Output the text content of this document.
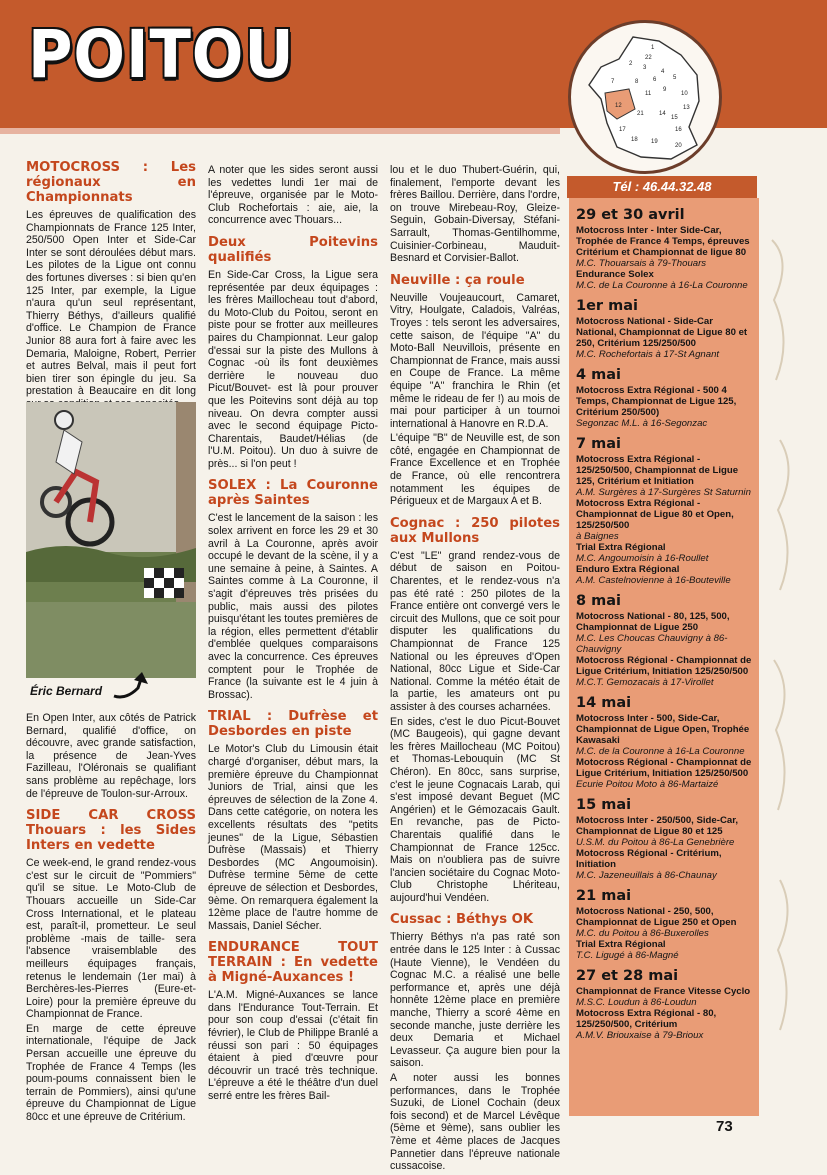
POITOU	1
2
3
4
5
6
7	8
9
10
11
12	13
14
15
16
17
18 19
20
21
22
Tél : 46.44.32.48
MOTOCROSS : Les régionaux en Championnats

Les épreuves de qualification des Championnats de France 125 Inter, 250/500 Open Inter et Side-Car Inter se sont déroulées début mars. Les pilotes de la Ligue ont connu des fortunes diverses : si bien qu'en 125 Inter, par exemple, la Ligue n'aura qu'un seul représentant, Thierry Béthys, d'ailleurs qualifié d'office. Le Champion de France Junior 88 aura fort à faire avec les Demaria, Maloigne, Robert, Perrier et autres Belval, mais il peut fort bien tirer son épingle du jeu. Sa prestation à Beaucaire en dit long

Éric Bernard

En Open Inter, aux côtés de Patrick Bernard, qualifié d'office, on découvre, avec grande satisfaction, la présence de Jean-Yves Fazilleau, l'Oléronais se qualifiant sans problème au repêchage, lors de l'épreuve de Toulon-sur-Arroux.

SIDE CAR CROSS Thouars : les Sides Inters en vedette

Ce week-end, le grand rendez-vous c'est sur le circuit de "Pommiers" qu'il se situe. Le Moto-Club de Thouars accueille un Side-Car Cross International, et le plateau est, paraît-il, prometteur. Le seul problème -mais de taille- sera l'absence vraisemblable des meilleurs équipages français, retenus le lendemain (1er mai) à Berchères-les-Pierres (Eure-et-Loire) pour la première épreuve du Championnat de France.

En marge de cette épreuve internationale, l'équipe de Jack Persan accueille une épreuve du Trophée de France 4 Temps (les poum-poums connaissent bien le terrain de Pommiers), ainsi qu'une épreuve du Championnat de Ligue 80cc et une épreuve de Critérium.

A noter que les sides seront aussi les vedettes lundi 1er mai de l'épreuve, organisée par le Moto-Club Rochefortais : aie, aie, la concurrence avec Thouars...

Deux Poitevins qualifiés

En Side-Car Cross, la Ligue sera représentée par deux équipages : les frères Maillocheau tout d'abord, du Moto-Club du Poitou, seront en piste pour se frotter aux meilleures paires du Championnat. Leur galop d'essai sur la piste des Mullons à Cognac -où ils font deuxièmes derrière le nouveau duo Picut/Bouvet- est là pour prouver que les Poitevins sont déjà au top niveau. On devra compter aussi avec le second équipage Picto-Charentais, Baudet/Hélias (de l'U.M. Poitou). Un duo à suivre de près... si l'on peut !

SOLEX : La Couronne après Saintes

C'est le lancement de la saison : les solex arrivent en force les 29 et 30 avril à La Couronne, après avoir occupé le devant de la scène, il y a une semaine à peine, à Saintes. A Saintes comme à La Couronne, il s'agit d'épreuves très prisées du public, mais aussi des pilotes puisqu'étant les toutes premières de la région, elles permettent d'établir d'emblée quelques comparaisons avec la concurrence. Ces épreuves comptent pour le Trophée de France (la suivante est le 4 juin à Brossac).

TRIAL : Dufrèse et Desbordes en piste

Le Motor's Club du Limousin était chargé d'organiser, début mars, la première épreuve du Championnat Juniors de Trial, ainsi que les épreuves de sélection de la Zone 4. Dans cette catégorie, on notera les excellents résultats des "petits jeunes" de la Ligue, Sébastien Dufrèse (Massais) et Thierry Desbordes (MC Angoumoisin). Dufrèse termine 5ème de cette épreuve de sélection et Desbordes, 9ème. On remarquera également la 12ème place de l'autre homme de Massais, Daniel Sécher.

ENDURANCE TOUT TERRAIN : En vedette à Migné-Auxances !

L'A.M. Migné-Auxances se lance dans l'Endurance Tout-Terrain. Et pour son coup d'essai (c'était fin février), le Club de Philippe Branlé a réussi son pari : 50 équipages étaient à pied d'œuvre pour découvrir un tracé très technique. L'épreuve a été le théâtre d'un duel serré entre les frères Bail-

lou et le duo Thubert-Guérin, qui, finalement, l'emporte devant les frères Baillou. Derrière, dans l'ordre, on trouve Mirebeau-Roy, Gleize-Seguin, Gobain-Diversay, Stéfani-Sarrault, Thomas-Gentilhomme, Cuisinier-Corbineau, Mauduit-Besnard et Corvisier-Ballot.

Neuville : ça roule

Neuville Voujeaucourt, Camaret, Vitry, Houlgate, Caladois, Valréas, Troyes : tels seront les adversaires, cette saison, de l'équipe "A" du Moto-Ball Neuvillois, présente en Championnat de France, mais aussi en Coupe de France. La même équipe "A" franchira le Rhin (et même le rideau de fer !) au mois de mai pour participer à un tournoi international à Hanovre en R.D.A.

L'équipe "B" de Neuville est, de son côté, engagée en Championnat de France Excellence et en Trophée de France, où elle rencontrera notamment les équipes de Périgueux et de Margaux A et B.

Cognac : 250 pilotes aux Mullons

C'est "LE" grand rendez-vous de début de saison en Poitou-Charentes, et le rendez-vous n'a pas été raté : 250 pilotes de la France entière ont convergé vers le circuit des Mullons, que ce soit pour disputer les qualifications du Championnat de France 125 National ou les épreuves d'Open National, 80cc Ligue et Side-Car National. Comme la météo était de la partie, les amateurs ont pu assister à des courses acharnées.

En sides, c'est le duo Picut-Bouvet (MC Baugeois), qui gagne devant les frères Maillocheau (MC Poitou) et Thomas-Lebouquin (MC St Chéron). En 80cc, sans surprise, c'est le jeune Cognacais Larab, qui s'est imposé devant Beguet (MC Angérien) et le Gémozacais Gault. En revanche, pas de Picto-Charentais qualifié dans le Championnat de France 125cc. Mais on n'oubliera pas de suivre l'ancien sociétaire du Cognac Moto-Club Christophe Lhériteau, aujourd'hui Vendéen.

Cussac : Béthys OK

Thierry Béthys n'a pas raté son entrée dans le 125 Inter : à Cussac (Haute Vienne), le Vendéen du Cognac M.C. a réalisé une belle performance et, après une déjà honnête 12ème place en première manche, Thierry a scoré 4ème en seconde manche, juste derrière les deux Demaria et Michael Levasseur. Ça augure bien pour la saison.

A noter aussi les bonnes performances, dans le Trophée Suzuki, de Lionel Cochain (deux fois second) et de Marcel Lévêque (5ème et 9ème), sans oublier les 7ème et 4ème places de Jacques Pannetier dans l'épreuve nationale cussacoise.

29 et 30 avril
Motocross Inter - Inter Side-Car, Trophée de France 4 Temps, épreuves Critérium et Championnat de ligue 80
M.C. Thouarsais à 79-Thouars
Endurance Solex
M.C. de La Couronne à 16-La Couronne
1er mai
Motocross National - Side-Car National, Championnat de Ligue 80 et 250, Critérium 125/250/500
M.C. Rochefortais à 17-St Agnant
4 mai
Motocross Extra Régional - 500 4 Temps, Championnat de Ligue 125, Critérium 250/500)
Segonzac M.L. à 16-Segonzac
7 mai
Motocross Extra Régional - 125/250/500, Championnat de Ligue 125, Critérium et Initiation
A.M. Surgères à 17-Surgères St Saturnin
Motocross Extra Régional - Championnat de Ligue 80 et Open, 125/250/500
à Baignes
Trial Extra Régional
M.C. Angoumoisin à 16-Roullet
Enduro Extra Régional
A.M. Castelnovienne à 16-Bouteville
8 mai
Motocross National - 80, 125, 500, Championnat de Ligue 250
M.C. Les Choucas Chauvigny à 86-Chauvigny
Motocross Régional - Championnat de Ligue Critérium, Initiation 125/250/500
M.C.T. Gemozacais à 17-Virollet
14 mai
Motocross Inter - 500, Side-Car, Championnat de Ligue Open, Trophée Kawasaki
M.C. de la Couronne à 16-La Couronne
Motocross Régional - Championnat de Ligue Critérium, Initiation 125/250/500
Ecurie Poitou Moto à 86-Martaizé
15 mai
Motocross Inter - 250/500, Side-Car, Championnat de Ligue 80 et 125
U.S.M. du Poitou à 86-La Genebrière
Motocross Régional - Critérium, Initiation
M.C. Jazeneuillais à 86-Chaunay
21 mai
Motocross National - 250, 500, Championnat de Ligue 250 et Open
M.C. du Poitou à 86-Buxerolles
Trial Extra Régional
T.C. Ligugé à 86-Magné
27 et 28 mai
Championnat de France Vitesse Cyclo
M.S.C. Loudun à 86-Loudun
Motocross Extra Régional - 80, 125/250/500, Critérium
A.M.V. Briouxaise à 79-Brioux
73
